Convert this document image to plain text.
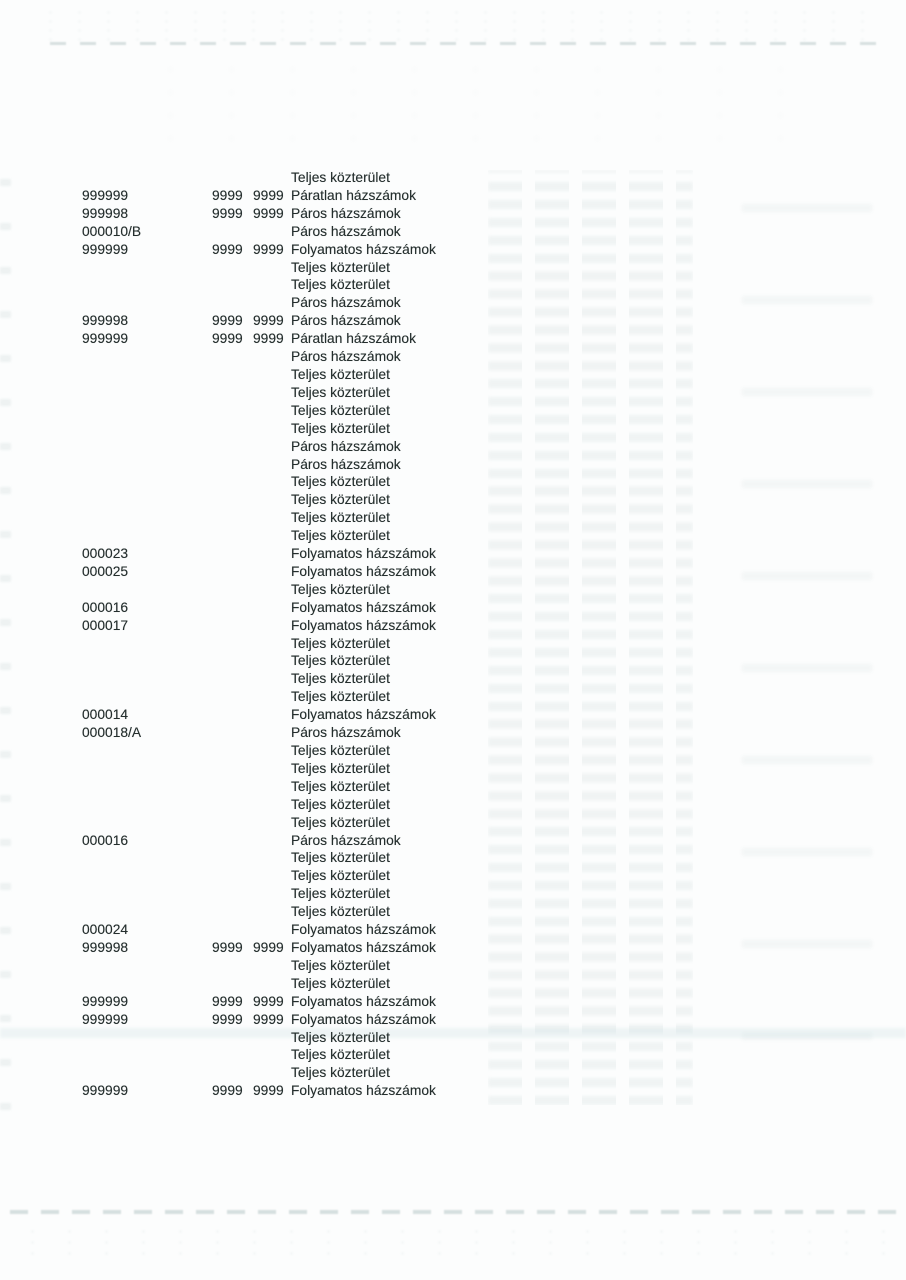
Teljes közterület
999999	9999 9999 Páratlan házszámok
999998	9999 9999 Páros házszámok
000010/B	Páros házszámok
999999	9999 9999 Folyamatos házszámok
Teljes közterület
Teljes közterület
Páros házszámok
999998	9999 9999 Páros házszámok
999999	9999 9999 Páratlan házszámok
Páros házszámok
Teljes közterület
Teljes közterület
Teljes közterület
Teljes közterület
Páros házszámok
Páros házszámok
Teljes közterület
Teljes közterület
Teljes közterület
Teljes közterület
000023	Folyamatos házszámok
000025	Folyamatos házszámok
Teljes közterület
000016	Folyamatos házszámok
000017	Folyamatos házszámok
Teljes közterület
Teljes közterület
Teljes közterület
Teljes közterület
000014	Folyamatos házszámok
000018/A	Páros házszámok
Teljes közterület
Teljes közterület
Teljes közterület
Teljes közterület
Teljes közterület
000016	Páros házszámok
Teljes közterület
Teljes közterület
Teljes közterület
Teljes közterület
000024	Folyamatos házszámok
999998	9999 9999 Folyamatos házszámok
Teljes közterület
Teljes közterület
999999	9999 9999 Folyamatos házszámok
999999	9999 9999 Folyamatos házszámok
Teljes közterület
Teljes közterület
Teljes közterület
999999	9999 9999 Folyamatos házszámok
